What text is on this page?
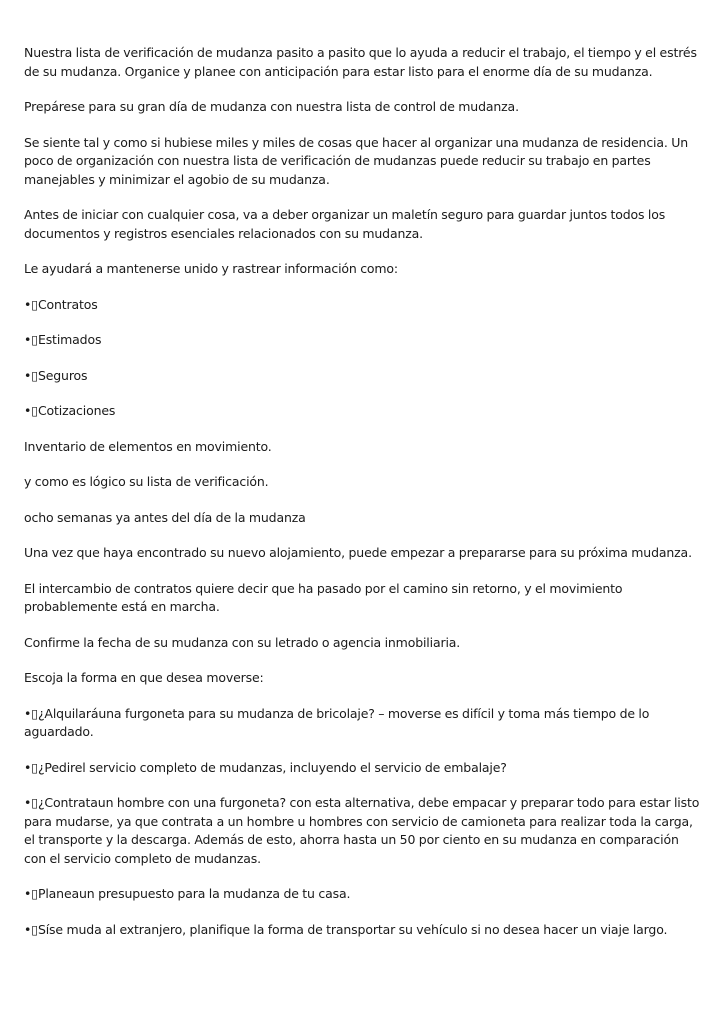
Nuestra lista de verificación de mudanza pasito a pasito que lo ayuda a reducir el trabajo, el tiempo y el estrés de su mudanza. Organice y planee con anticipación para estar listo para el enorme día de su mudanza.

Prepárese para su gran día de mudanza con nuestra lista de control de mudanza.

Se siente tal y como si hubiese miles y miles de cosas que hacer al organizar una mudanza de residencia. Un poco de organización con nuestra lista de verificación de mudanzas puede reducir su trabajo en partes manejables y minimizar el agobio de su mudanza.

Antes de iniciar con cualquier cosa, va a deber organizar un maletín seguro para guardar juntos todos los documentos y registros esenciales relacionados con su mudanza.

Le ayudará a mantenerse unido y rastrear información como:

•▯Contratos

•▯Estimados

•▯Seguros

•▯Cotizaciones

Inventario de elementos en movimiento.

y como es lógico su lista de verificación.

ocho semanas ya antes del día de la mudanza

Una vez que haya encontrado su nuevo alojamiento, puede empezar a prepararse para su próxima mudanza.

El intercambio de contratos quiere decir que ha pasado por el camino sin retorno, y el movimiento probablemente está en marcha.

Confirme la fecha de su mudanza con su letrado o agencia inmobiliaria.

Escoja la forma en que desea moverse:

•▯¿Alquilaráuna furgoneta para su mudanza de bricolaje? – moverse es difícil y toma más tiempo de lo aguardado.

•▯¿Pedirel servicio completo de mudanzas, incluyendo el servicio de embalaje?

•▯¿Contrataun hombre con una furgoneta? con esta alternativa, debe empacar y preparar todo para estar listo para mudarse, ya que contrata a un hombre u hombres con servicio de camioneta para realizar toda la carga, el transporte y la descarga. Además de esto, ahorra hasta un 50 por ciento en su mudanza en comparación con el servicio completo de mudanzas.

•▯Planeaun presupuesto para la mudanza de tu casa.

•▯Síse muda al extranjero, planifique la forma de transportar su vehículo si no desea hacer un viaje largo.
